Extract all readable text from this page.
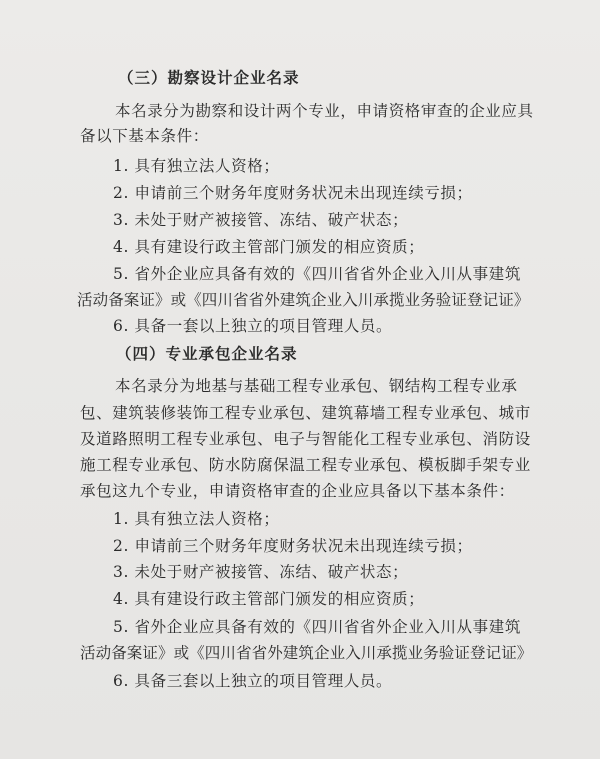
（三）勘察设计企业名录
本名录分为勘察和设计两个专业，申请资格审查的企业应具
备以下基本条件：
1. 具有独立法人资格；
2. 申请前三个财务年度财务状况未出现连续亏损；
3. 未处于财产被接管、冻结、破产状态；
4. 具有建设行政主管部门颁发的相应资质；
5. 省外企业应具备有效的《四川省省外企业入川从事建筑
活动备案证》或《四川省省外建筑企业入川承揽业务验证登记证》
6. 具备一套以上独立的项目管理人员。
（四）专业承包企业名录
本名录分为地基与基础工程专业承包、钢结构工程专业承
包、建筑装修装饰工程专业承包、建筑幕墙工程专业承包、城市
及道路照明工程专业承包、电子与智能化工程专业承包、消防设
施工程专业承包、防水防腐保温工程专业承包、模板脚手架专业
承包这九个专业，申请资格审查的企业应具备以下基本条件：
1. 具有独立法人资格；
2. 申请前三个财务年度财务状况未出现连续亏损；
3. 未处于财产被接管、冻结、破产状态；
4. 具有建设行政主管部门颁发的相应资质；
5. 省外企业应具备有效的《四川省省外企业入川从事建筑
活动备案证》或《四川省省外建筑企业入川承揽业务验证登记证》
6. 具备三套以上独立的项目管理人员。
